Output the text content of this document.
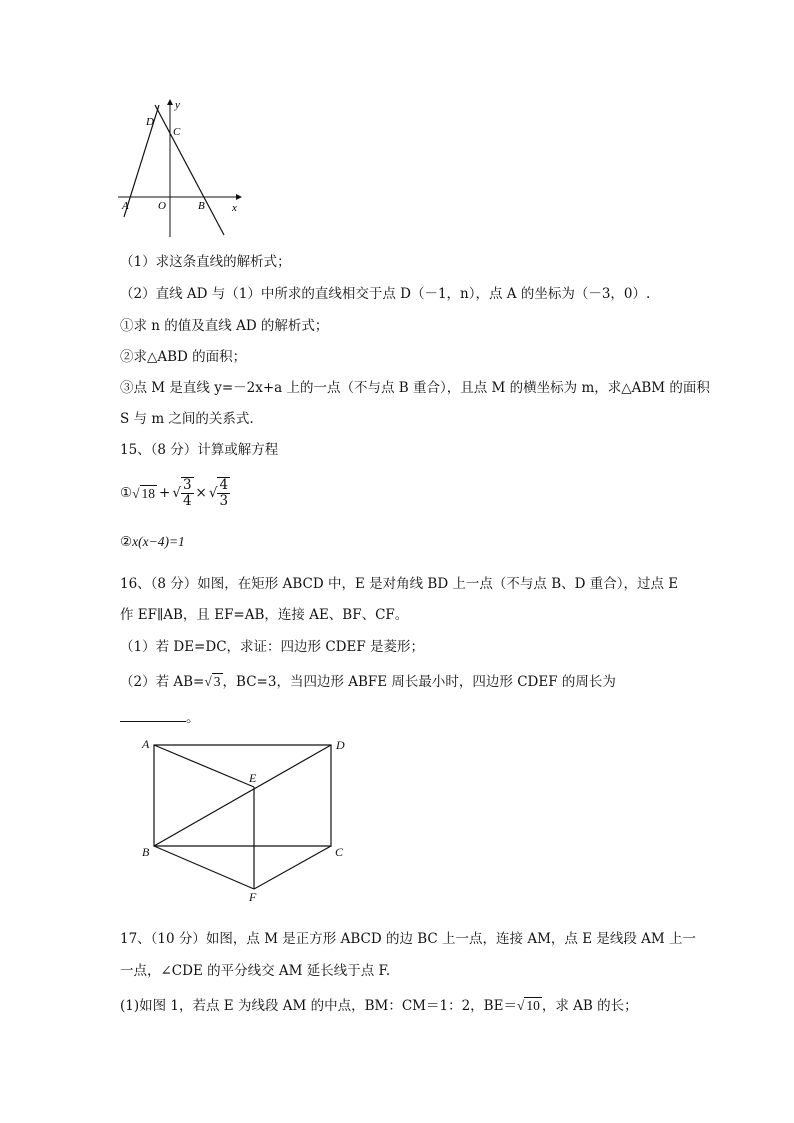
y
D
C
A	O	B x
（1）求这条直线的解析式；
（2）直线 AD 与（1）中所求的直线相交于点 D（－1，n），点 A 的坐标为（－3，0）.
①求 n 的值及直线 AD 的解析式；
②求△ABD 的面积；
③点 M 是直线 y=－2x+a 上的一点（不与点 B 重合），且点 M 的横坐标为 m，求△ABM 的面积
S 与 m 之间的关系式.
15、（8 分）计算或解方程
① √ 18 + √ $\frac{3}{4}$ × √ $\frac{4}{3}$
②x(x−4)=1
16、（8 分）如图，在矩形 ABCD 中，E 是对角线 BD 上一点（不与点 B、D 重合），过点 E
作 EF∥AB，且 EF=AB，连接 AE、BF、CF。
（1）若 DE=DC，求证：四边形 CDEF 是菱形；
（2）若 AB=√ 3 ，BC=3，当四边形 ABFE 周长最小时，四边形 CDEF 的周长为
。
A	D
E
B	C
F
17、（10 分）如图，点 M 是正方形 ABCD 的边 BC 上一点，连接 AM，点 E 是线段 AM 上一
一点，∠CDE 的平分线交 AM 延长线于点 F.
(1)如图 1，若点 E 为线段 AM 的中点，BM：CM＝1：2，BE＝√ 10 ，求 AB 的长；
